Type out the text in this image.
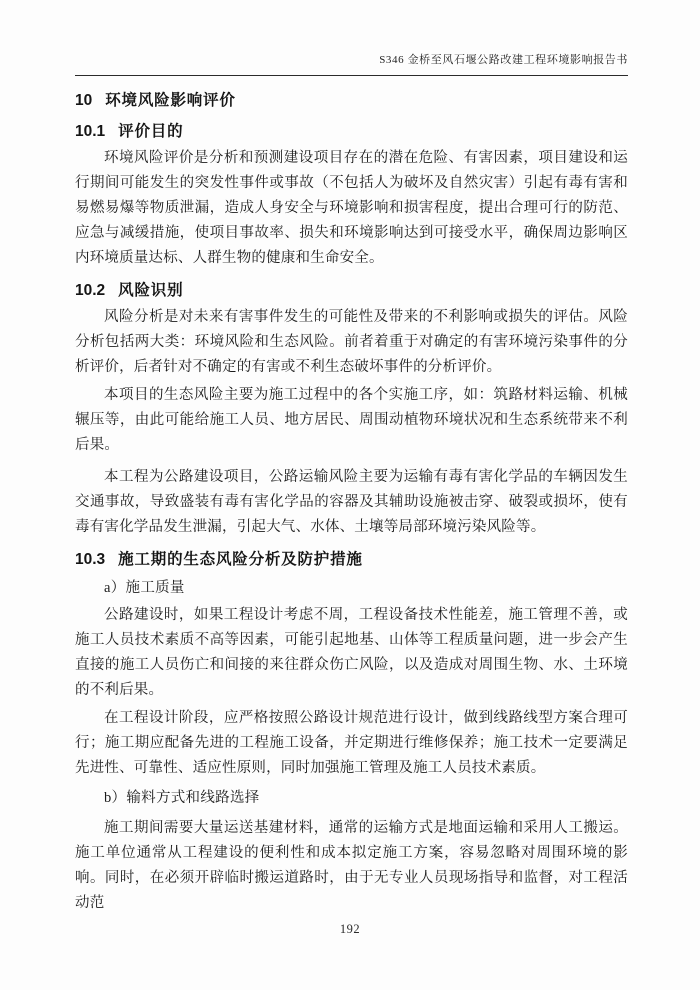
S346 金桥至风石堰公路改建工程环境影响报告书
10 环境风险影响评价
10.1 评价目的

环境风险评价是分析和预测建设项目存在的潜在危险、有害因素，项目建设和运行期间可能发生的突发性事件或事故（不包括人为破坏及自然灾害）引起有毒有害和易燃易爆等物质泄漏，造成人身安全与环境影响和损害程度，提出合理可行的防范、应急与减缓措施，使项目事故率、损失和环境影响达到可接受水平，确保周边影响区内环境质量达标、人群生物的健康和生命安全。

10.2 风险识别

风险分析是对未来有害事件发生的可能性及带来的不利影响或损失的评估。风险分析包括两大类：环境风险和生态风险。前者着重于对确定的有害环境污染事件的分析评价，后者针对不确定的有害或不利生态破坏事件的分析评价。

本项目的生态风险主要为施工过程中的各个实施工序，如：筑路材料运输、机械辗压等，由此可能给施工人员、地方居民、周围动植物环境状况和生态系统带来不利后果。

本工程为公路建设项目，公路运输风险主要为运输有毒有害化学品的车辆因发生交通事故，导致盛装有毒有害化学品的容器及其辅助设施被击穿、破裂或损坏，使有毒有害化学品发生泄漏，引起大气、水体、土壤等局部环境污染风险等。

10.3 施工期的生态风险分析及防护措施
a）施工质量

公路建设时，如果工程设计考虑不周，工程设备技术性能差，施工管理不善，或施工人员技术素质不高等因素，可能引起地基、山体等工程质量问题，进一步会产生直接的施工人员伤亡和间接的来往群众伤亡风险，以及造成对周围生物、水、土环境的不利后果。

在工程设计阶段，应严格按照公路设计规范进行设计，做到线路线型方案合理可行；施工期应配备先进的工程施工设备，并定期进行维修保养；施工技术一定要满足先进性、可靠性、适应性原则，同时加强施工管理及施工人员技术素质。

b）输料方式和线路选择

施工期间需要大量运送基建材料，通常的运输方式是地面运输和采用人工搬运。施工单位通常从工程建设的便利性和成本拟定施工方案，容易忽略对周围环境的影响。同时，在必须开辟临时搬运道路时，由于无专业人员现场指导和监督，对工程活动范

192
